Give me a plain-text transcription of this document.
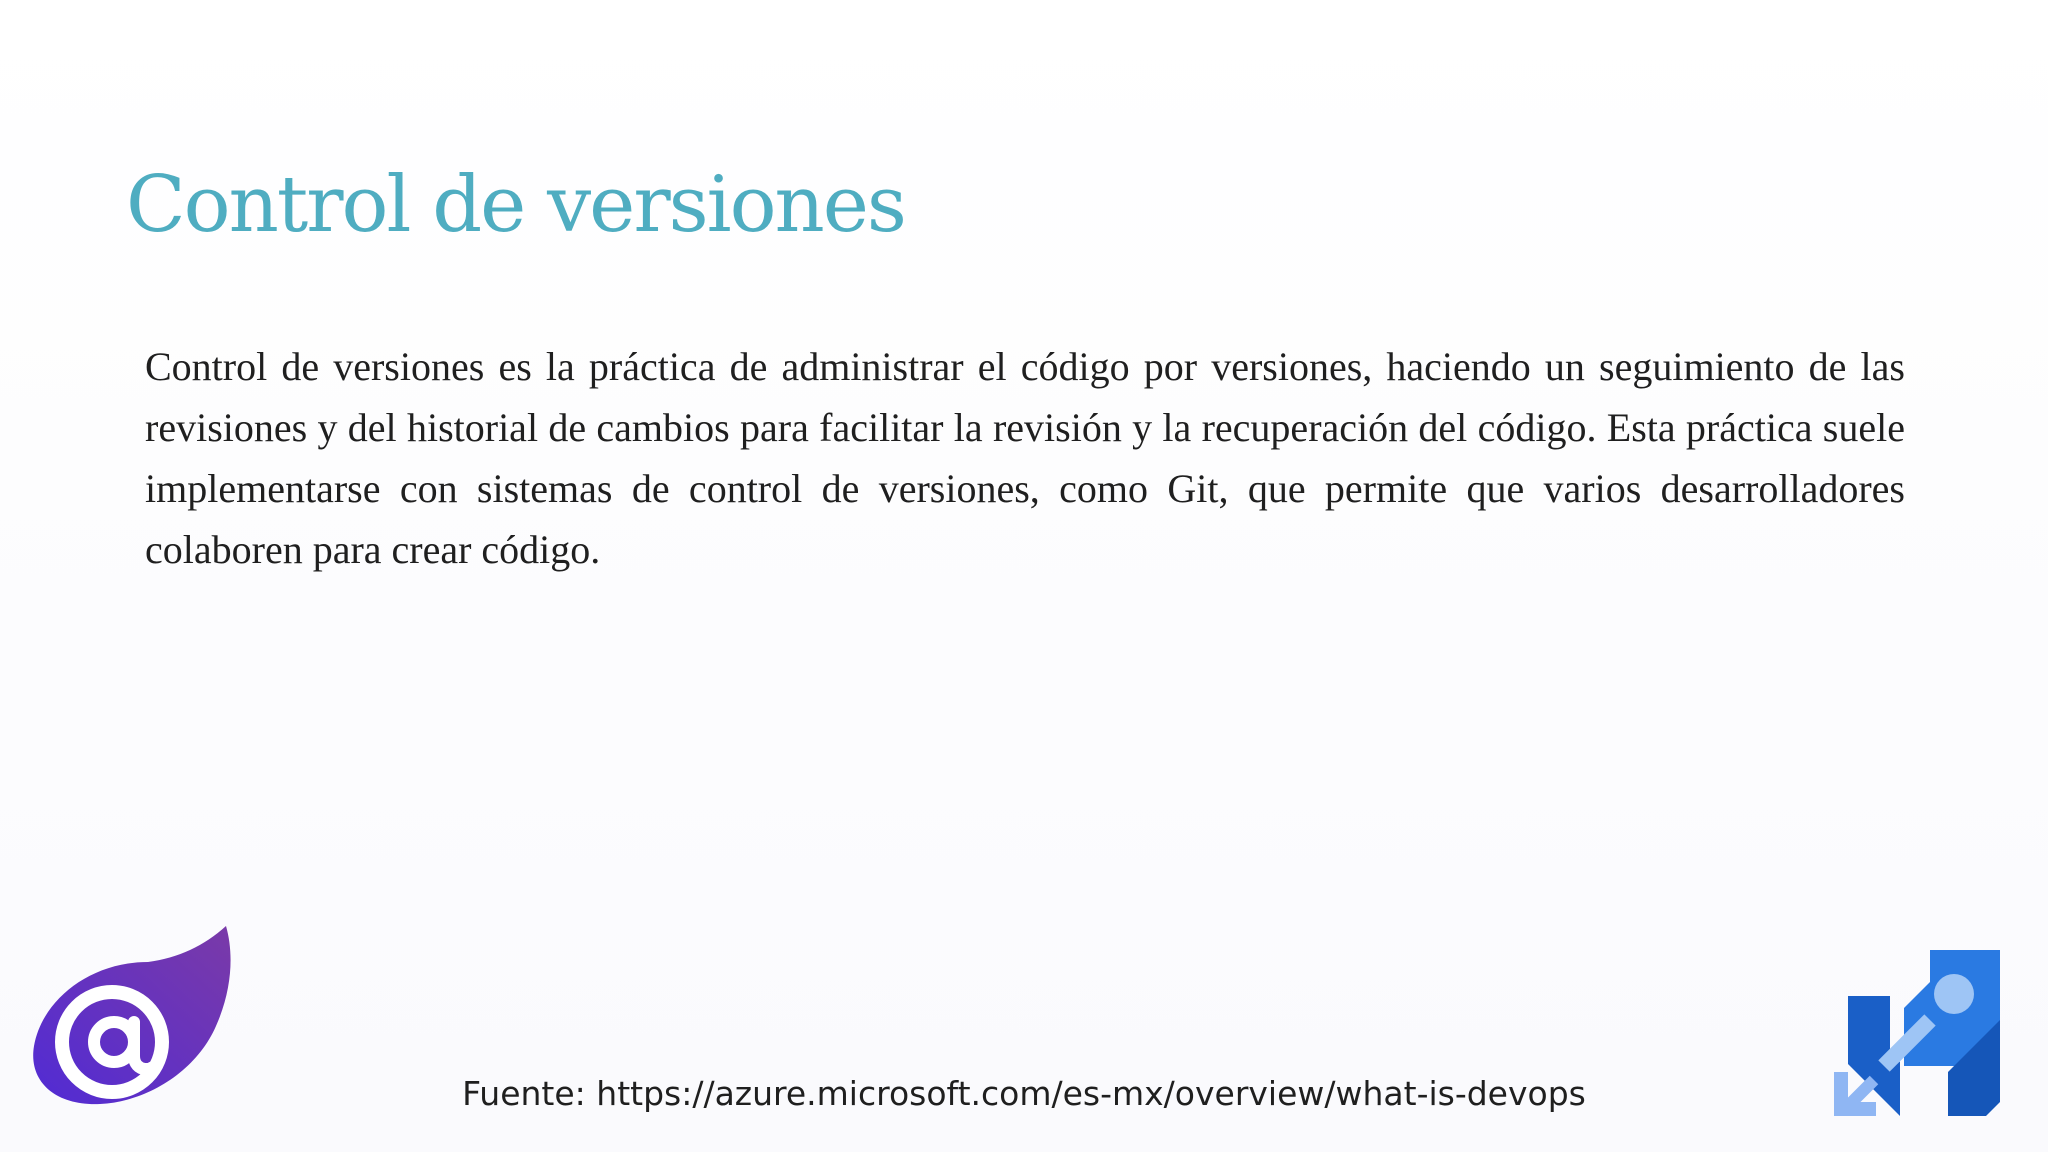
Control de versiones

Control de versiones es la práctica de administrar el código por versiones, haciendo un seguimiento de las revisiones y del historial de cambios para facilitar la revisión y la recuperación del código. Esta práctica suele implementarse con sistemas de control de versiones, como Git, que permite que varios desarrolladores colaboren para crear código.

Fuente: https://azure.microsoft.com/es-mx/overview/what-is-devops
